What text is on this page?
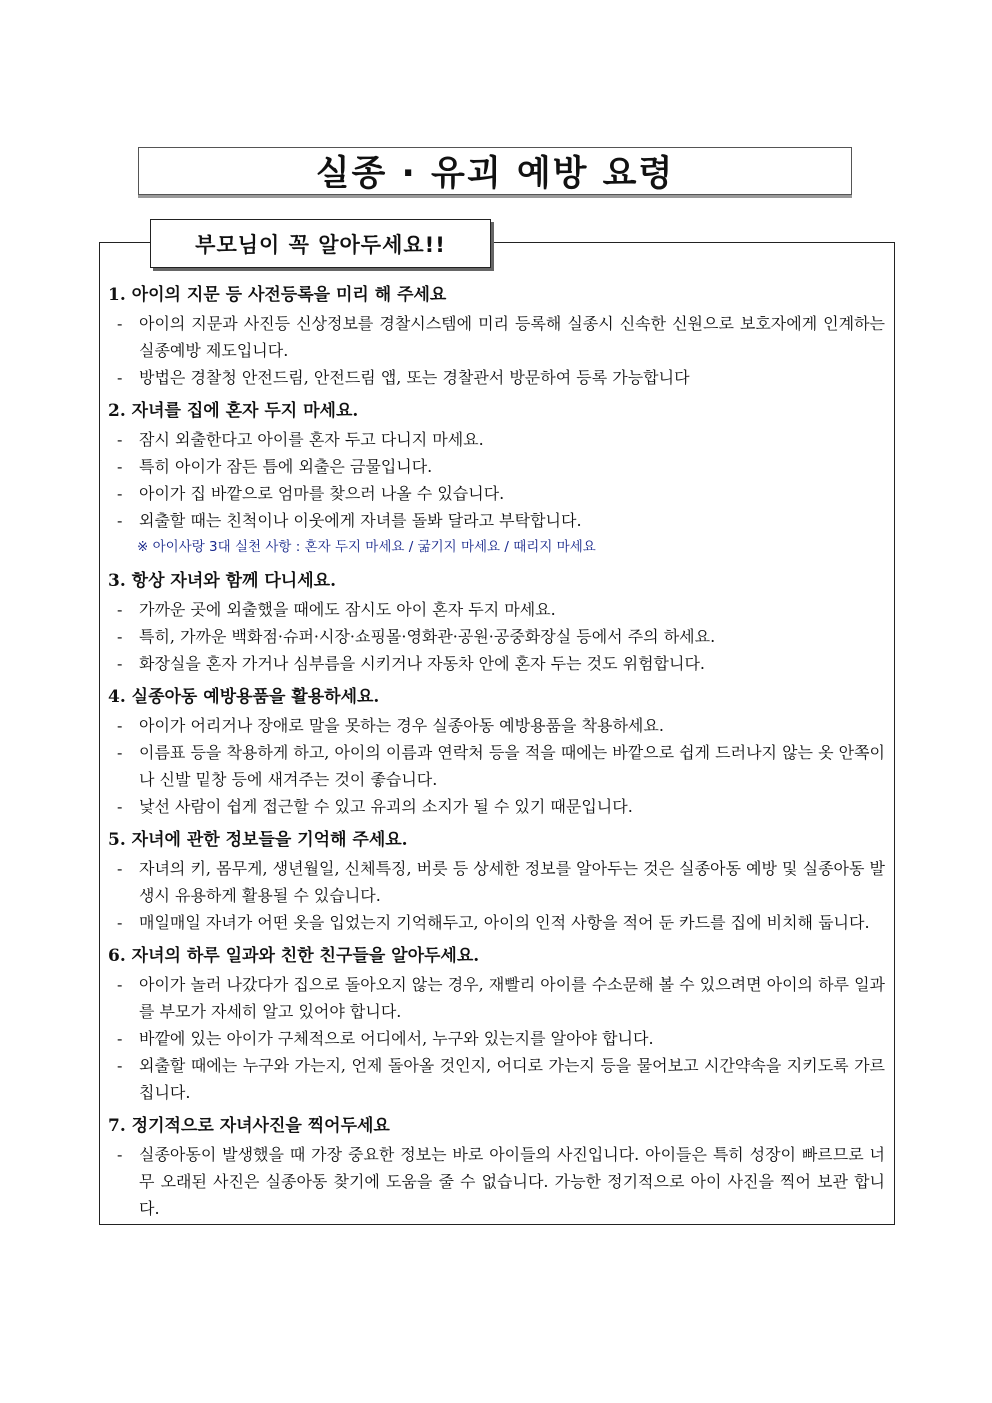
실종 · 유괴 예방 요령
부모님이 꼭 알아두세요!!

1. 아이의 지문 등 사전등록을 미리 해 주세요

-	아이의 지문과 사진등 신상정보를 경찰시스템에 미리 등록해 실종시 신속한 신원으로 보호자에게 인계하는 실종예방 제도입니다.
-	방법은 경찰청 안전드림, 안전드림 앱, 또는 경찰관서 방문하여 등록 가능합니다

2. 자녀를 집에 혼자 두지 마세요.

-	잠시 외출한다고 아이를 혼자 두고 다니지 마세요.
-	특히 아이가 잠든 틈에 외출은 금물입니다.
-	아이가 집 바깥으로 엄마를 찾으러 나올 수 있습니다.
-	외출할 때는 친척이나 이웃에게 자녀를 돌봐 달라고 부탁합니다.
※ 아이사랑 3대 실천 사항 : 혼자 두지 마세요 / 굶기지 마세요 / 때리지 마세요

3. 항상 자녀와 함께 다니세요.

-	가까운 곳에 외출했을 때에도 잠시도 아이 혼자 두지 마세요.
-	특히, 가까운 백화점·슈퍼·시장·쇼핑몰·영화관·공원·공중화장실 등에서 주의 하세요.
-	화장실을 혼자 가거나 심부름을 시키거나 자동차 안에 혼자 두는 것도 위험합니다.

4. 실종아동 예방용품을 활용하세요.

-	아이가 어리거나 장애로 말을 못하는 경우 실종아동 예방용품을 착용하세요.
-	이름표 등을 착용하게 하고, 아이의 이름과 연락처 등을 적을 때에는 바깥으로 쉽게 드러나지 않는 옷 안쪽이나 신발 밑창 등에 새겨주는 것이 좋습니다.
-	낯선 사람이 쉽게 접근할 수 있고 유괴의 소지가 될 수 있기 때문입니다.

5. 자녀에 관한 정보들을 기억해 주세요.

-	자녀의 키, 몸무게, 생년월일, 신체특징, 버릇 등 상세한 정보를 알아두는 것은 실종아동 예방 및 실종아동 발생시 유용하게 활용될 수 있습니다.
-	매일매일 자녀가 어떤 옷을 입었는지 기억해두고, 아이의 인적 사항을 적어 둔 카드를 집에 비치해 둡니다.

6. 자녀의 하루 일과와 친한 친구들을 알아두세요.

-	아이가 놀러 나갔다가 집으로 돌아오지 않는 경우, 재빨리 아이를 수소문해 볼 수 있으려면 아이의 하루 일과를 부모가 자세히 알고 있어야 합니다.
-	바깥에 있는 아이가 구체적으로 어디에서, 누구와 있는지를 알아야 합니다.
-	외출할 때에는 누구와 가는지, 언제 돌아올 것인지, 어디로 가는지 등을 물어보고 시간약속을 지키도록 가르칩니다.

7. 정기적으로 자녀사진을 찍어두세요

-	실종아동이 발생했을 때 가장 중요한 정보는 바로 아이들의 사진입니다. 아이들은 특히 성장이 빠르므로 너무 오래된 사진은 실종아동 찾기에 도움을 줄 수 없습니다. 가능한 정기적으로 아이 사진을 찍어 보관 합니다.
